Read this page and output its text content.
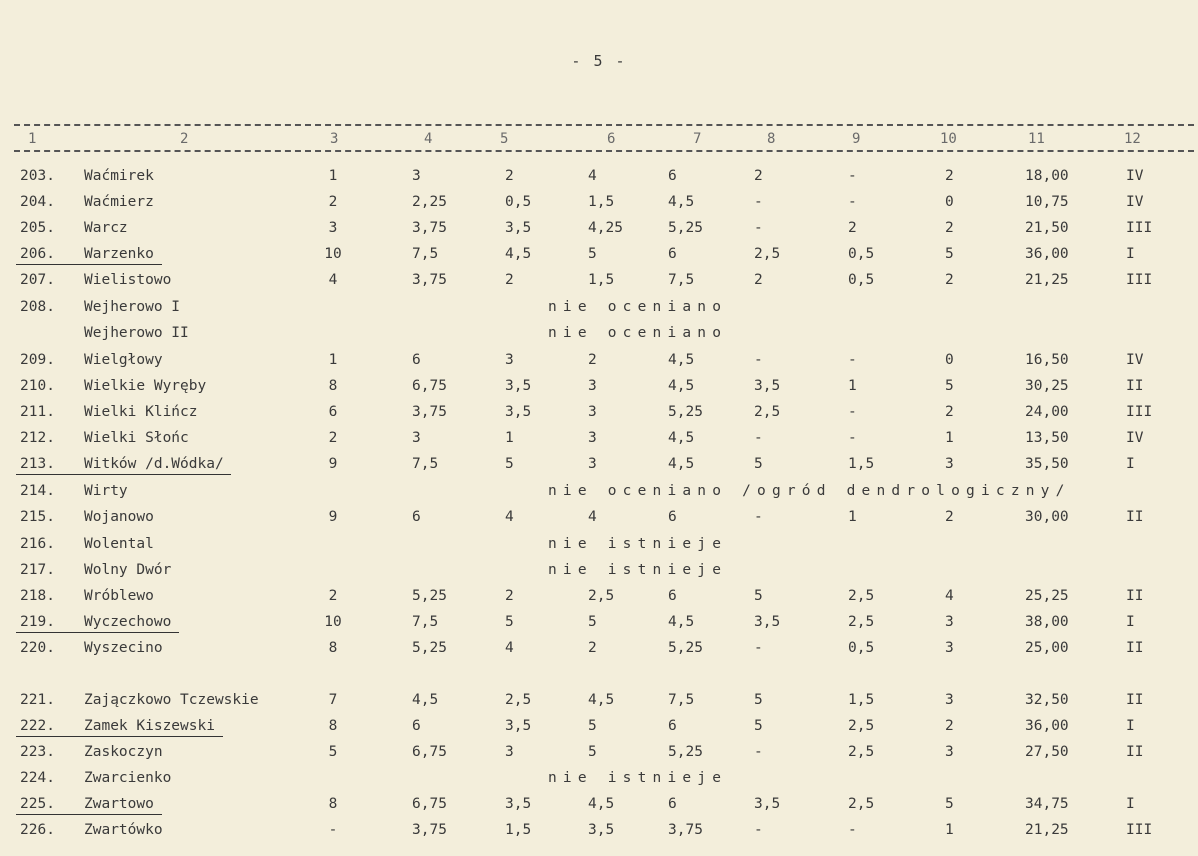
- 5 -
1	2	3	4	5	6	7	8	9	10	11	12
203. Waćmirek	1	3	2	4	6	2	-	2	18,00	IV
204. Waćmierz	2	2,25	0,5	1,5	4,5	-	-	0	10,75	IV
205. Warcz	3	3,75	3,5	4,25	5,25	-	2	2	21,50	III
206. Warzenko	10	7,5	4,5	5	6	2,5	0,5	5	36,00	I
207. Wielistowo	4	3,75	2	1,5	7,5	2	0,5	2	21,25	III
208. Wejherowo I	nie oceniano
Wejherowo II	nie oceniano
209. Wielgłowy	1	6	3	2	4,5	-	-	0	16,50	IV
210. Wielkie Wyręby	8	6,75	3,5	3	4,5	3,5	1	5	30,25	II
211. Wielki Klińcz	6	3,75	3,5	3	5,25	2,5	-	2	24,00	III
212. Wielki Słońc	2	3	1	3	4,5	-	-	1	13,50	IV
213. Witków /d.Wódka/	9	7,5	5	3	4,5	5	1,5	3	35,50	I
214. Wirty	nie oceniano /ogród dendrologiczny/
215. Wojanowo	9	6	4	4	6	-	1	2	30,00	II
216. Wolental	nie istnieje
217. Wolny Dwór	nie istnieje
218. Wróblewo	2	5,25	2	2,5	6	5	2,5	4	25,25	II
219. Wyczechowo	10	7,5	5	5	4,5	3,5	2,5	3	38,00	I
220. Wyszecino	8	5,25	4	2	5,25	-	0,5	3	25,00	II
221. Zajączkowo Tczewskie	7	4,5	2,5	4,5	7,5	5	1,5	3	32,50	II
222. Zamek Kiszewski	8	6	3,5	5	6	5	2,5	2	36,00	I
223. Zaskoczyn	5	6,75	3	5	5,25	-	2,5	3	27,50	II
224. Zwarcienko	nie istnieje
225. Zwartowo	8	6,75	3,5	4,5	6	3,5	2,5	5	34,75	I
226. Zwartówko	-	3,75	1,5	3,5	3,75	-	-	1	21,25	III
